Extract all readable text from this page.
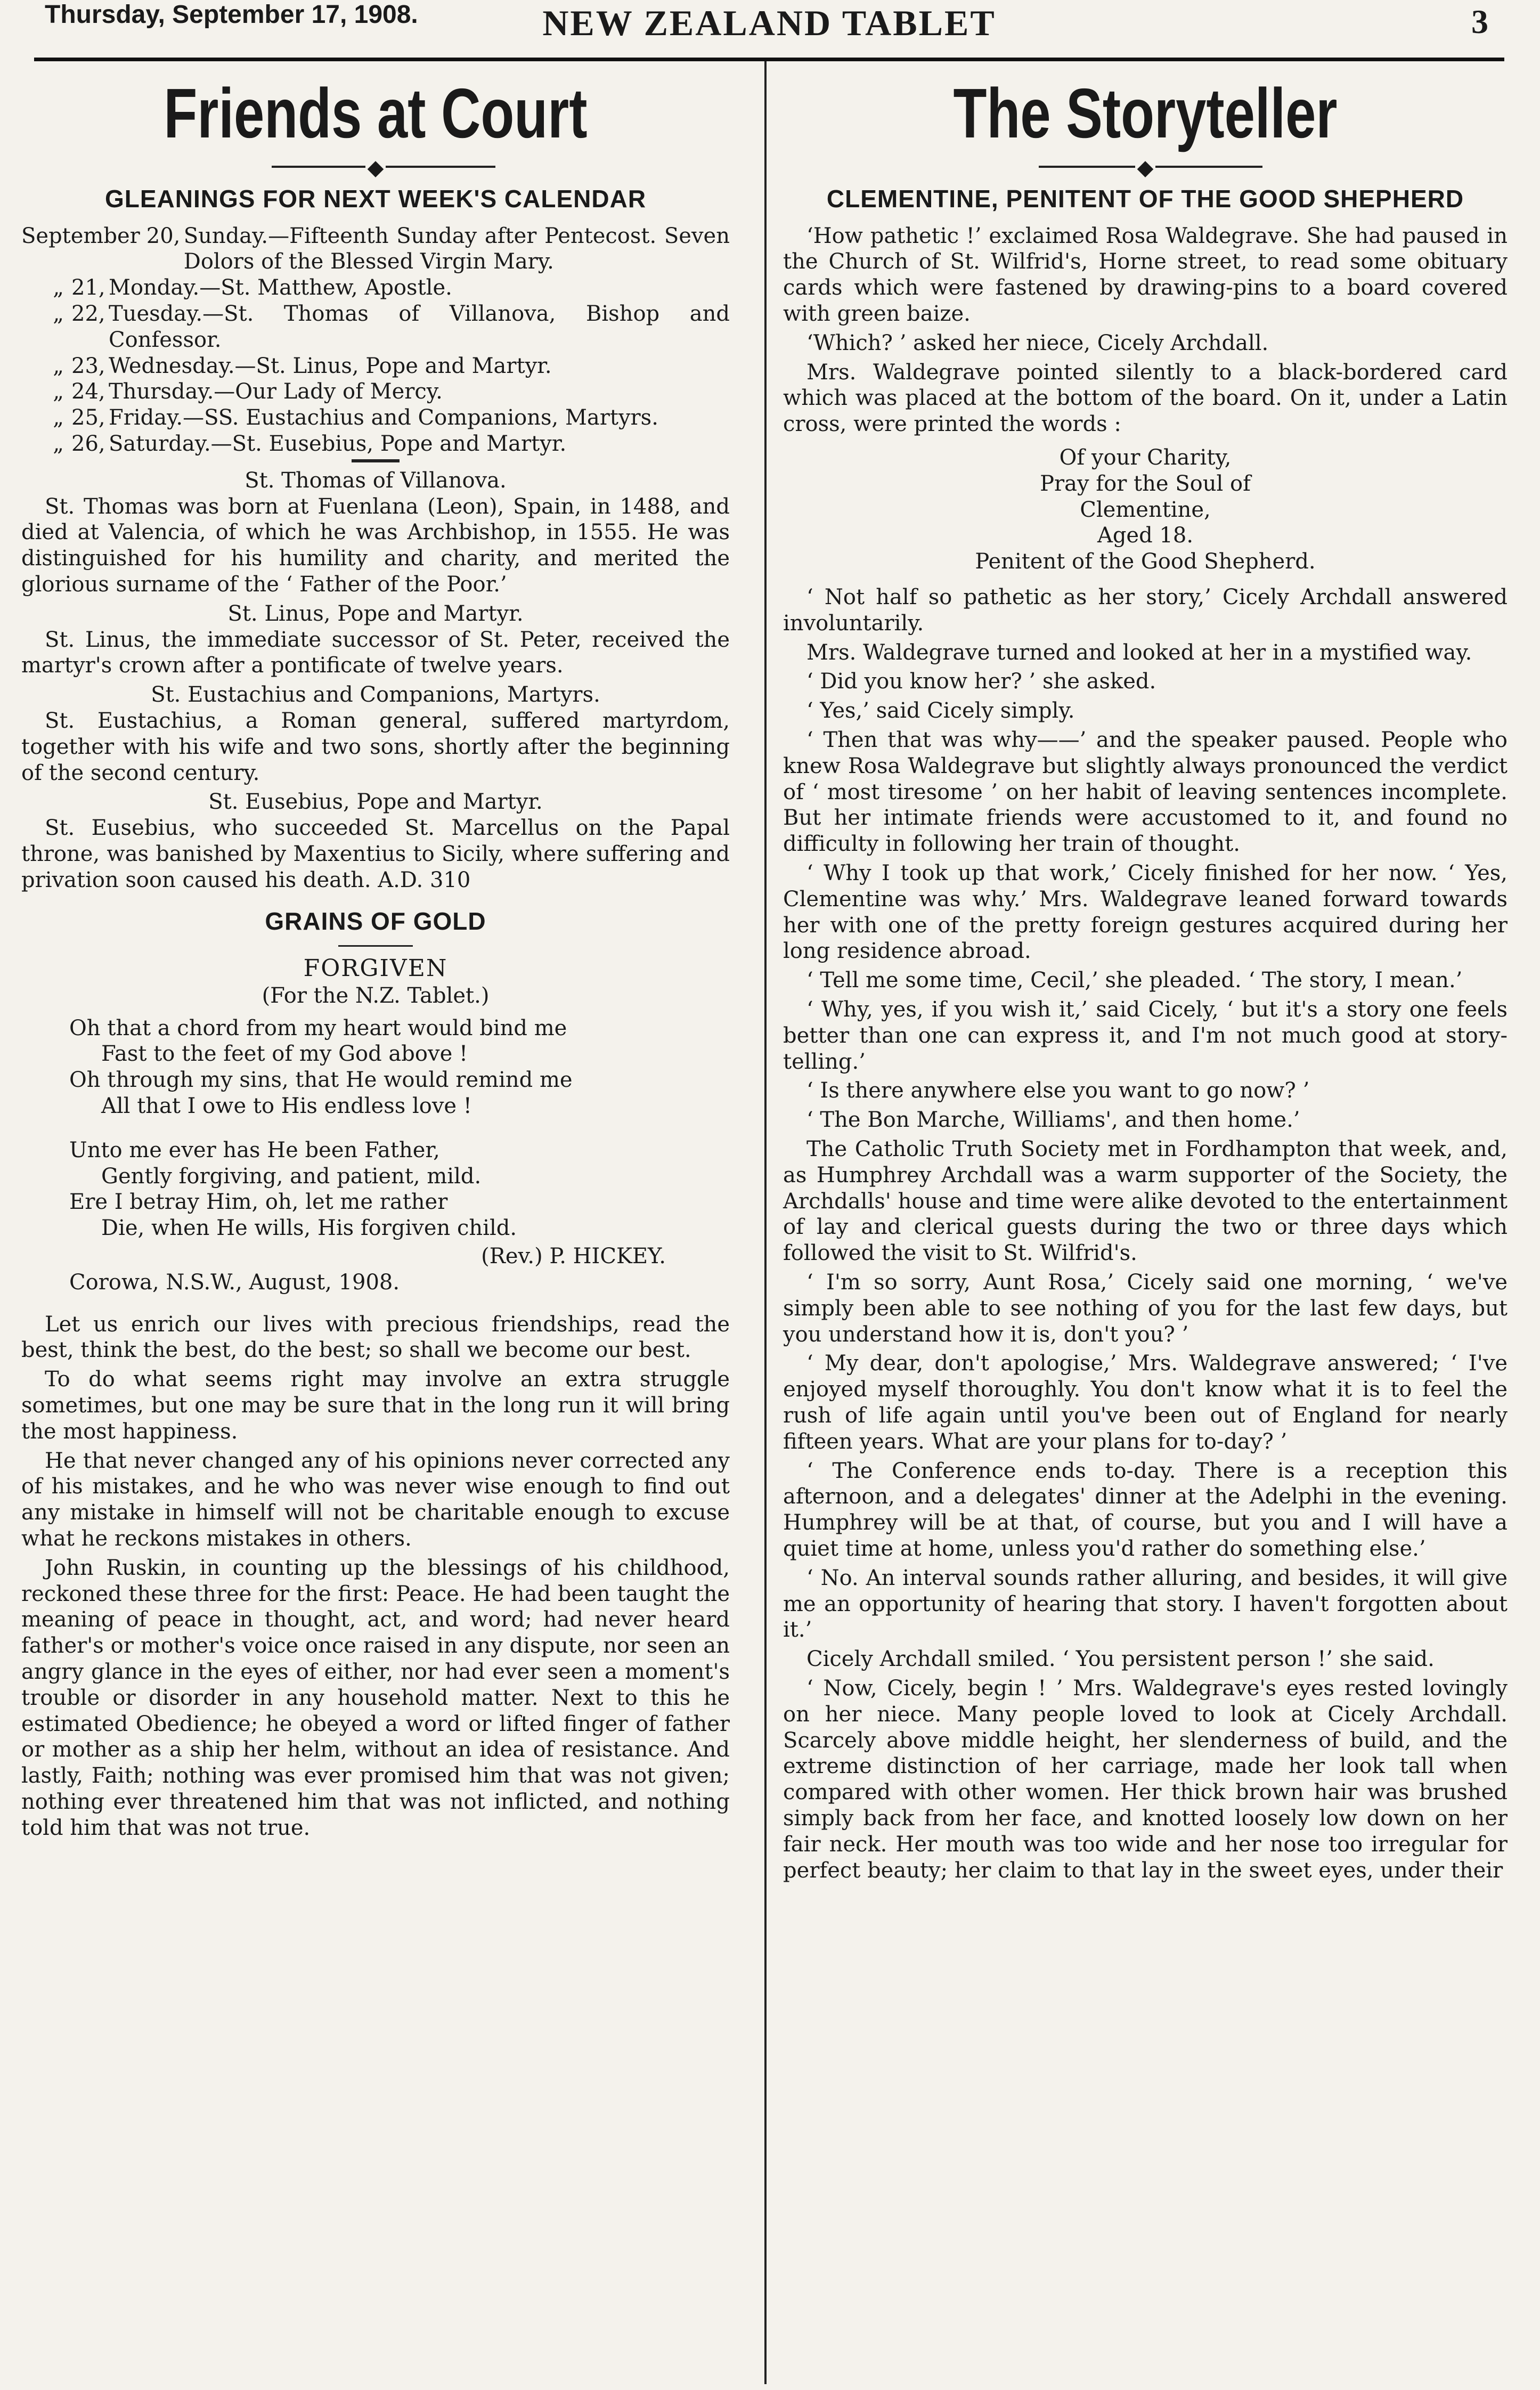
Thursday, September 17, 1908.	NEW ZEALAND TABLET	3
Friends at Court
◆
GLEANINGS FOR NEXT WEEK'S CALENDAR
September 20, Sunday.—Fifteenth Sunday after Pentecost. Seven Dolors of the Blessed Virgin Mary.
„ 21, Monday.—St. Matthew, Apostle.
„ 22, Tuesday.—St. Thomas of Villanova, Bishop and Confessor.
„ 23, Wednesday.—St. Linus, Pope and Martyr.
„ 24, Thursday.—Our Lady of Mercy.
„ 25, Friday.—SS. Eustachius and Companions, Martyrs.
„ 26, Saturday.—St. Eusebius, Pope and Martyr.
St. Thomas of Villanova.

St. Thomas was born at Fuenlana (Leon), Spain, in 1488, and died at Valencia, of which he was Archbishop, in 1555. He was distinguished for his humility and charity, and merited the glorious surname of the ‘ Father of the Poor.’

St. Linus, Pope and Martyr.

St. Linus, the immediate successor of St. Peter, received the martyr's crown after a pontificate of twelve years.

St. Eustachius and Companions, Martyrs.

St. Eustachius, a Roman general, suffered martyrdom, together with his wife and two sons, shortly after the beginning of the second century.

St. Eusebius, Pope and Martyr.

St. Eusebius, who succeeded St. Marcellus on the Papal throne, was banished by Maxentius to Sicily, where suffering and privation soon caused his death. A.D. 310

GRAINS OF GOLD
FORGIVEN
(For the N.Z. Tablet.)
Oh that a chord from my heart would bind me
Fast to the feet of my God above !
Oh through my sins, that He would remind me
All that I owe to His endless love !
Unto me ever has He been Father,
Gently forgiving, and patient, mild.
Ere I betray Him, oh, let me rather
Die, when He wills, His forgiven child.
(Rev.) P. HICKEY.
Corowa, N.S.W., August, 1908.

Let us enrich our lives with precious friendships, read the best, think the best, do the best; so shall we become our best.

To do what seems right may involve an extra struggle sometimes, but one may be sure that in the long run it will bring the most happiness.

He that never changed any of his opinions never corrected any of his mistakes, and he who was never wise enough to find out any mistake in himself will not be charitable enough to excuse what he reckons mistakes in others.

John Ruskin, in counting up the blessings of his childhood, reckoned these three for the first: Peace. He had been taught the meaning of peace in thought, act, and word; had never heard father's or mother's voice once raised in any dispute, nor seen an angry glance in the eyes of either, nor had ever seen a moment's trouble or disorder in any household matter. Next to this he estimated Obedience; he obeyed a word or lifted finger of father or mother as a ship her helm, without an idea of resistance. And lastly, Faith; nothing was ever promised him that was not given; nothing ever threatened him that was not inflicted, and nothing told him that was not true.

The Storyteller
◆
CLEMENTINE, PENITENT OF THE GOOD SHEPHERD

‘How pathetic !’ exclaimed Rosa Waldegrave. She had paused in the Church of St. Wilfrid's, Horne street, to read some obituary cards which were fastened by drawing-pins to a board covered with green baize.

‘Which? ’ asked her niece, Cicely Archdall.

Mrs. Waldegrave pointed silently to a black-bordered card which was placed at the bottom of the board. On it, under a Latin cross, were printed the words :

Of your Charity,
Pray for the Soul of
Clementine,
Aged 18.
Penitent of the Good Shepherd.

‘ Not half so pathetic as her story,’ Cicely Archdall answered involuntarily.

Mrs. Waldegrave turned and looked at her in a mystified way.

‘ Did you know her? ’ she asked.

‘ Yes,’ said Cicely simply.

‘ Then that was why——’ and the speaker paused. People who knew Rosa Waldegrave but slightly always pronounced the verdict of ‘ most tiresome ’ on her habit of leaving sentences incomplete. But her intimate friends were accustomed to it, and found no difficulty in following her train of thought.

‘ Why I took up that work,’ Cicely finished for her now. ‘ Yes, Clementine was why.’ Mrs. Waldegrave leaned forward towards her with one of the pretty foreign gestures acquired during her long residence abroad.

‘ Tell me some time, Cecil,’ she pleaded. ‘ The story, I mean.’

‘ Why, yes, if you wish it,’ said Cicely, ‘ but it's a story one feels better than one can express it, and I'm not much good at story-telling.’

‘ Is there anywhere else you want to go now? ’

‘ The Bon Marche, Williams', and then home.’

The Catholic Truth Society met in Fordhampton that week, and, as Humphrey Archdall was a warm supporter of the Society, the Archdalls' house and time were alike devoted to the entertainment of lay and clerical guests during the two or three days which followed the visit to St. Wilfrid's.

‘ I'm so sorry, Aunt Rosa,’ Cicely said one morning, ‘ we've simply been able to see nothing of you for the last few days, but you understand how it is, don't you? ’

‘ My dear, don't apologise,’ Mrs. Waldegrave answered; ‘ I've enjoyed myself thoroughly. You don't know what it is to feel the rush of life again until you've been out of England for nearly fifteen years. What are your plans for to-day? ’

‘ The Conference ends to-day. There is a reception this afternoon, and a delegates' dinner at the Adelphi in the evening. Humphrey will be at that, of course, but you and I will have a quiet time at home, unless you'd rather do something else.’

‘ No. An interval sounds rather alluring, and besides, it will give me an opportunity of hearing that story. I haven't forgotten about it.’

Cicely Archdall smiled. ‘ You persistent person !’ she said.

‘ Now, Cicely, begin ! ’ Mrs. Waldegrave's eyes rested lovingly on her niece. Many people loved to look at Cicely Archdall. Scarcely above middle height, her slenderness of build, and the extreme distinction of her carriage, made her look tall when compared with other women. Her thick brown hair was brushed simply back from her face, and knotted loosely low down on her fair neck. Her mouth was too wide and her nose too irregular for perfect beauty; her claim to that lay in the sweet eyes, under their
